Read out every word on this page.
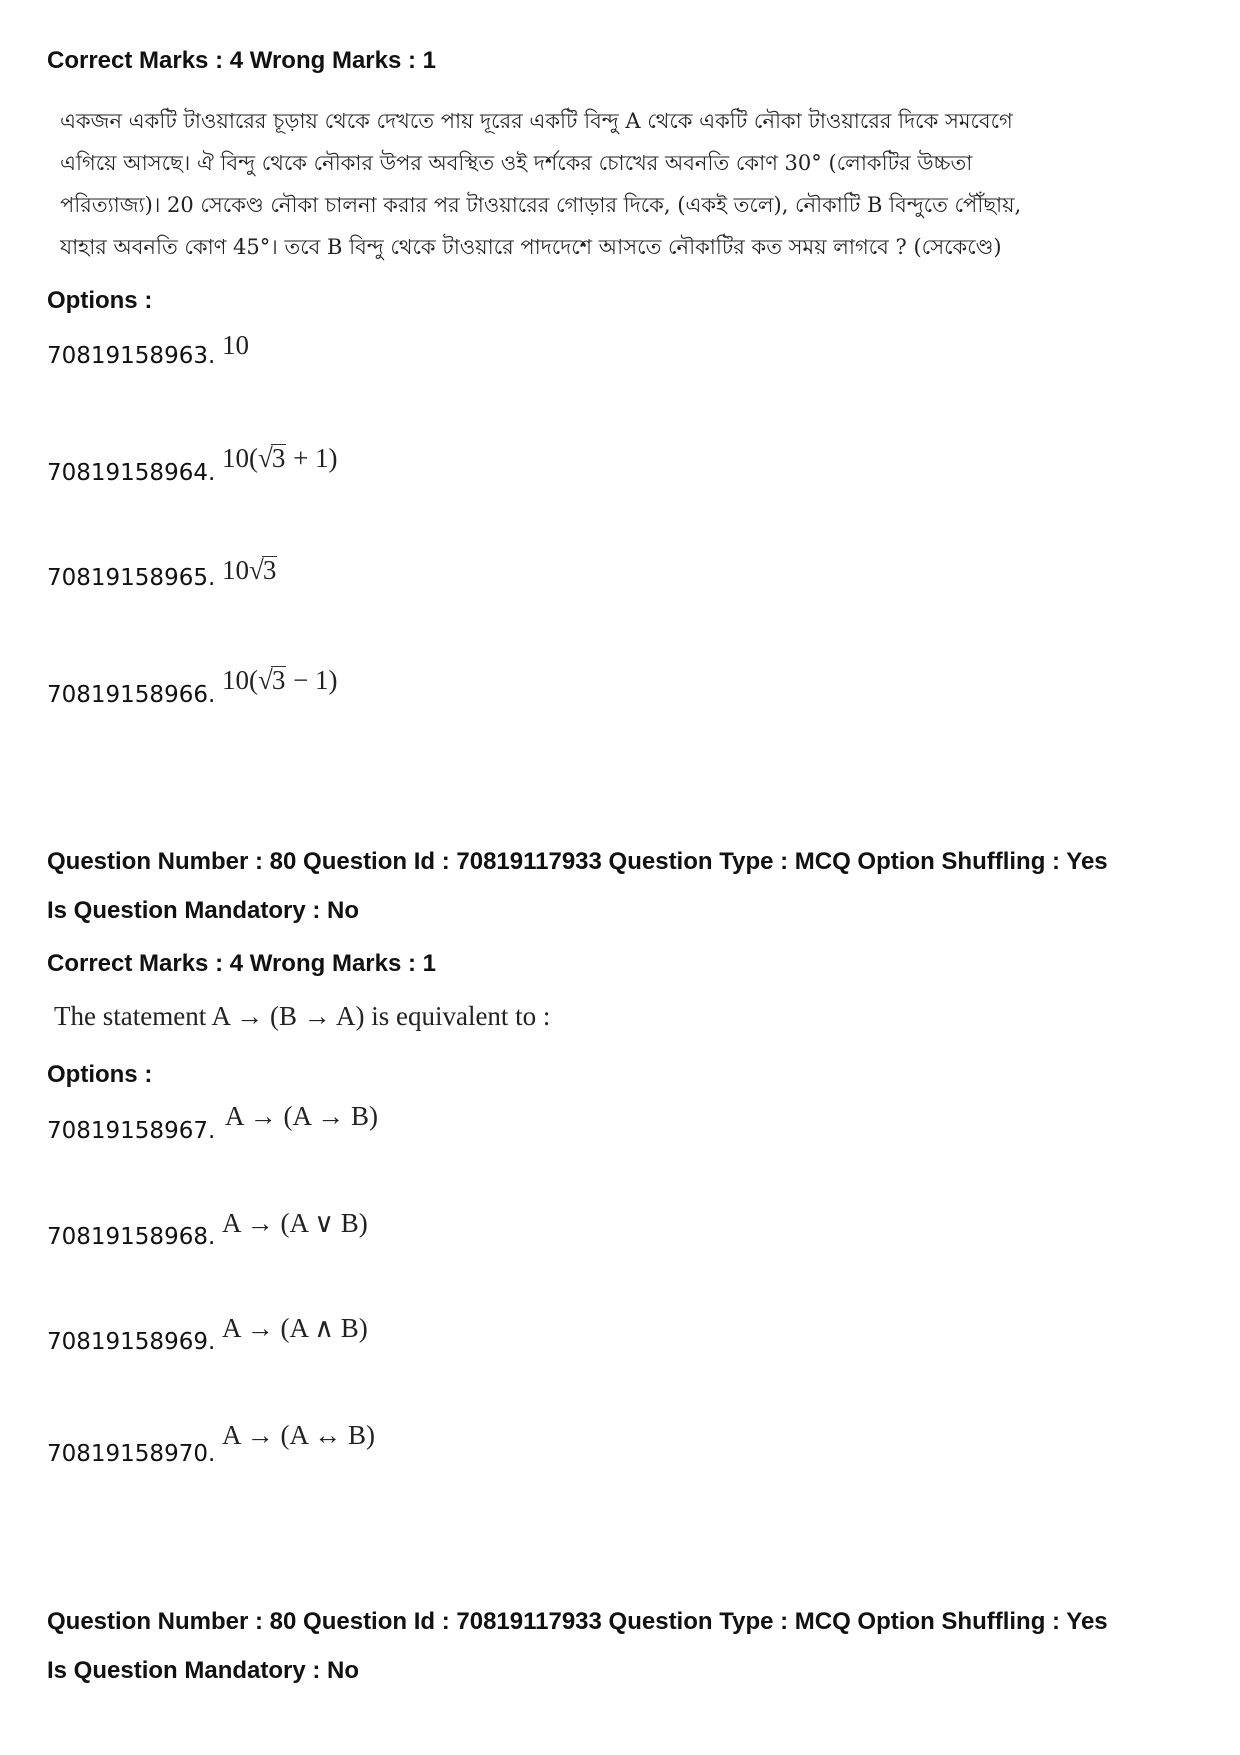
Correct Marks : 4 Wrong Marks : 1
একজন একটি টাওয়ারের চূড়ায় থেকে দেখতে পায় দূরের একটি বিন্দু A থেকে একটি নৌকা টাওয়ারের দিকে সমবেগে
এগিয়ে আসছে। ঐ বিন্দু থেকে নৌকার উপর অবস্থিত ওই দর্শকের চোখের অবনতি কোণ 30° (লোকটির উচ্চতা
পরিত্যাজ্য)। 20 সেকেণ্ড নৌকা চালনা করার পর টাওয়ারের গোড়ার দিকে, (একই তলে), নৌকাটি B বিন্দুতে পৌঁছায়,
যাহার অবনতি কোণ 45°। তবে B বিন্দু থেকে টাওয়ারে পাদদেশে আসতে নৌকাটির কত সময় লাগবে ? (সেকেণ্ডে)
Options :
70819158963. 10
70819158964. 10(√3 + 1)
70819158965. 10√3
70819158966. 10(√3 − 1)
Question Number : 80 Question Id : 70819117933 Question Type : MCQ Option Shuffling : Yes
Is Question Mandatory : No
Correct Marks : 4 Wrong Marks : 1
The statement A → (B → A) is equivalent to :
Options :
70819158967. A → (A → B)
70819158968. A → (A ∨ B)
70819158969. A → (A ∧ B)
70819158970.
A → (A ↔ B)
Question Number : 80 Question Id : 70819117933 Question Type : MCQ Option Shuffling : Yes
Is Question Mandatory : No
